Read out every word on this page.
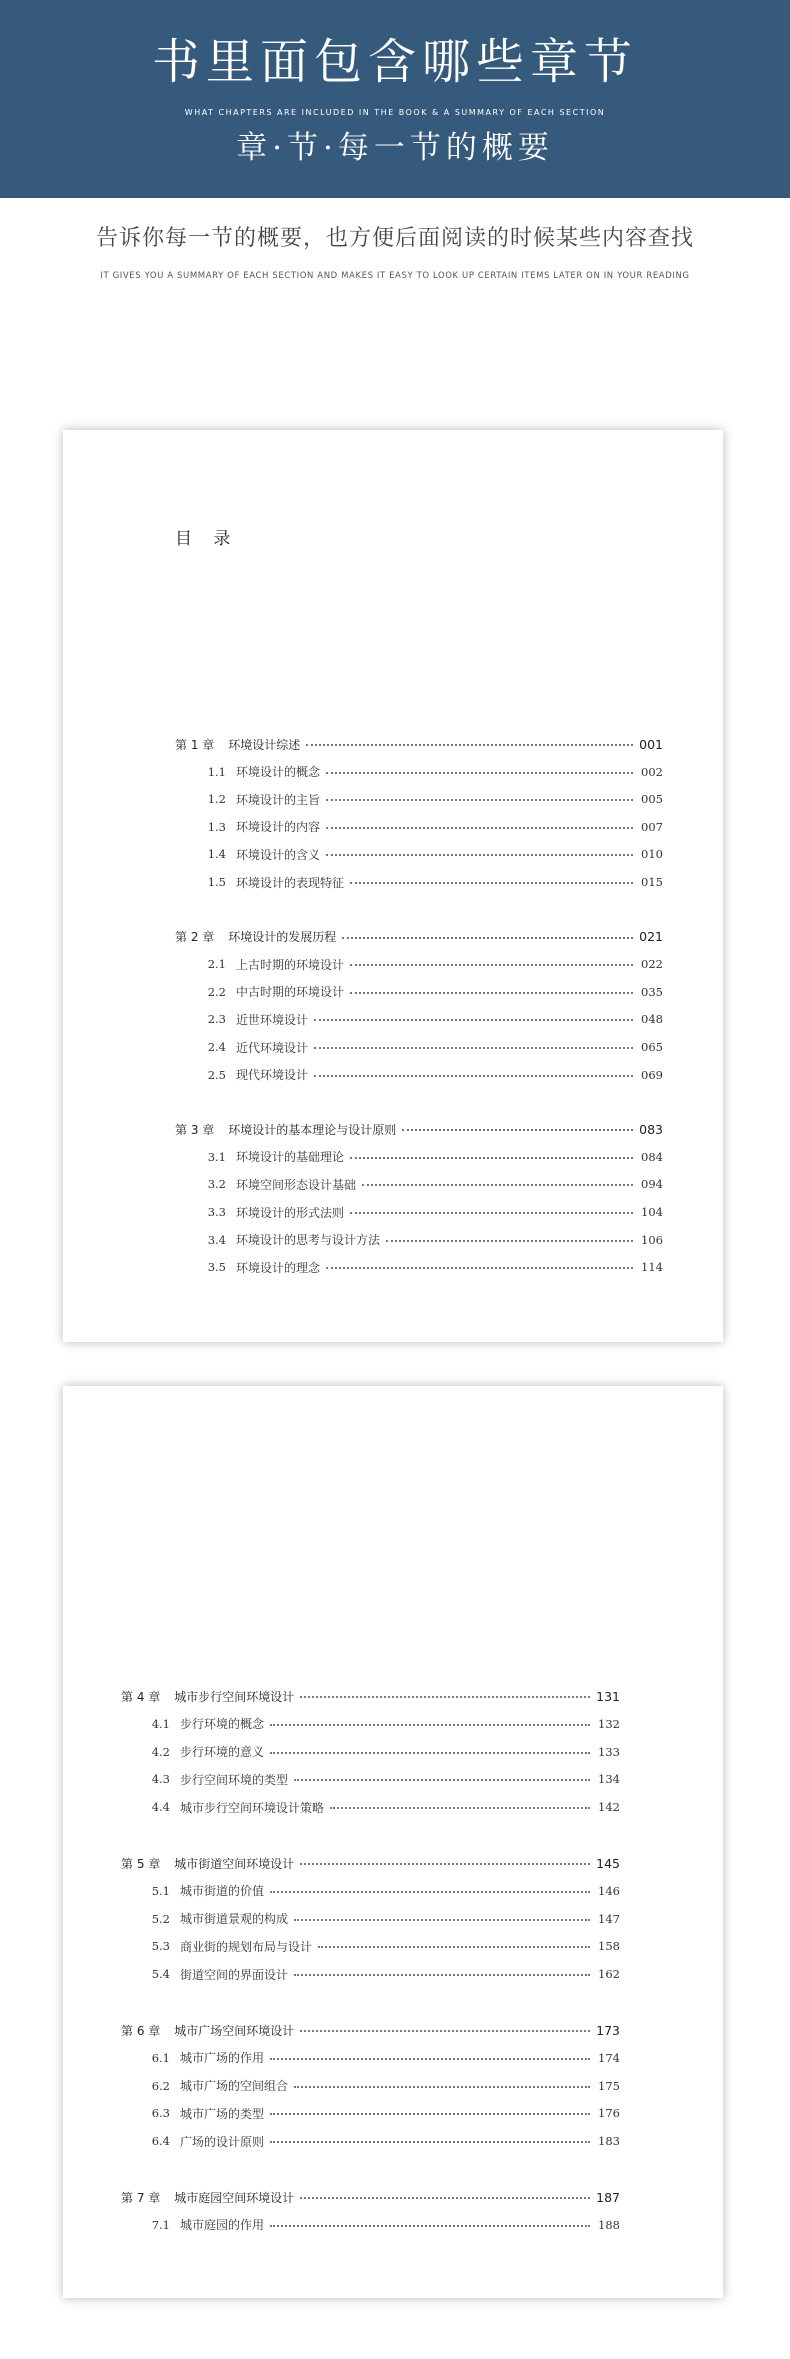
书里面包含哪些章节
WHAT CHAPTERS ARE INCLUDED IN THE BOOK & A SUMMARY OF EACH SECTION
章·节·每一节的概要
告诉你每一节的概要，也方便后面阅读的时候某些内容查找
IT GIVES YOU A SUMMARY OF EACH SECTION AND MAKES IT EASY TO LOOK UP CERTAIN ITEMS LATER ON IN YOUR READING
目 录
第 1 章 环境设计综述	001
1.1 环境设计的概念	002
1.2 环境设计的主旨	005
1.3 环境设计的内容	007
1.4 环境设计的含义	010
1.5 环境设计的表现特征	015
第 2 章 环境设计的发展历程	021
2.1 上古时期的环境设计	022
2.2 中古时期的环境设计	035
2.3 近世环境设计	048
2.4 近代环境设计	065
2.5 现代环境设计	069
第 3 章 环境设计的基本理论与设计原则	083
3.1 环境设计的基础理论	084
3.2 环境空间形态设计基础	094
3.3 环境设计的形式法则	104
3.4 环境设计的思考与设计方法	106
3.5 环境设计的理念	114
第 4 章 城市步行空间环境设计	131
4.1 步行环境的概念	132
4.2 步行环境的意义	133
4.3 步行空间环境的类型	134
4.4 城市步行空间环境设计策略	142
第 5 章 城市街道空间环境设计	145
5.1 城市街道的价值	146
5.2 城市街道景观的构成	147
5.3 商业街的规划布局与设计	158
5.4 街道空间的界面设计	162
第 6 章 城市广场空间环境设计	173
6.1 城市广场的作用	174
6.2 城市广场的空间组合	175
6.3 城市广场的类型	176
6.4 广场的设计原则	183
第 7 章 城市庭园空间环境设计	187
7.1 城市庭园的作用	188
